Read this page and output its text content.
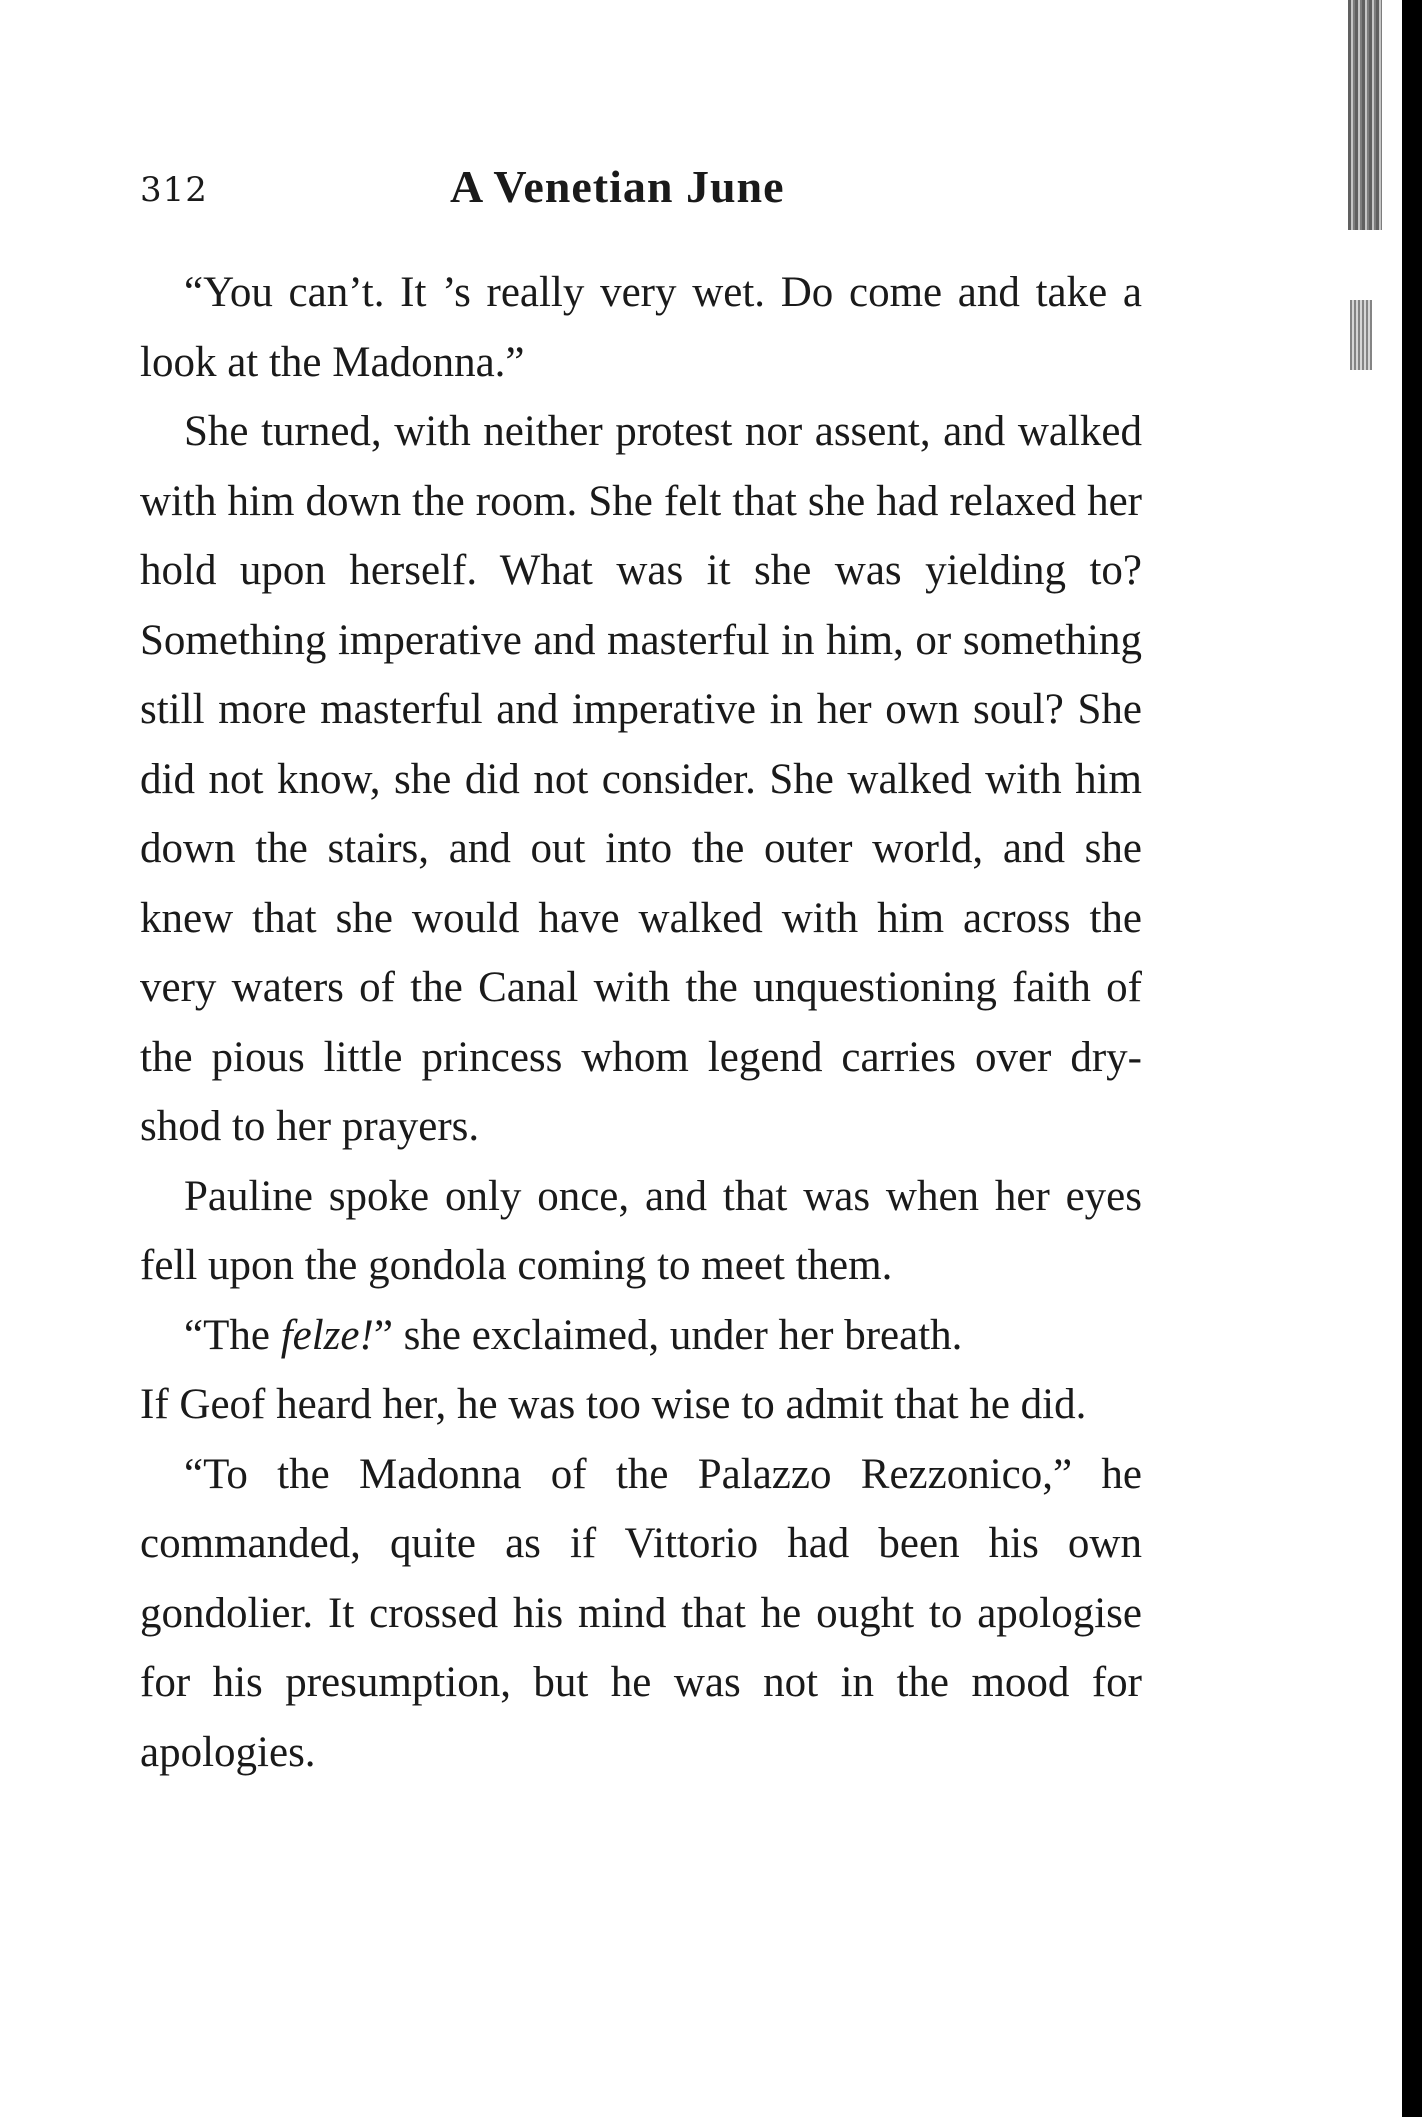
312	A Venetian June

“You can’t. It ’s really very wet. Do come and take a look at the Madonna.”

She turned, with neither protest nor assent, and walked with him down the room. She felt that she had relaxed her hold upon herself. What was it she was yielding to? Something imperative and masterful in him, or something still more masterful and imperative in her own soul? She did not know, she did not consider. She walked with him down the stairs, and out into the outer world, and she knew that she would have walked with him across the very waters of the Canal with the unquestioning faith of the pious little princess whom legend carries over dry-shod to her prayers.

Pauline spoke only once, and that was when her eyes fell upon the gondola coming to meet them.

“The felze!” she exclaimed, under her breath.

If Geof heard her, he was too wise to admit that he did.

“To the Madonna of the Palazzo Rezzonico,” he commanded, quite as if Vittorio had been his own gondolier. It crossed his mind that he ought to apologise for his presumption, but he was not in the mood for apologies.
